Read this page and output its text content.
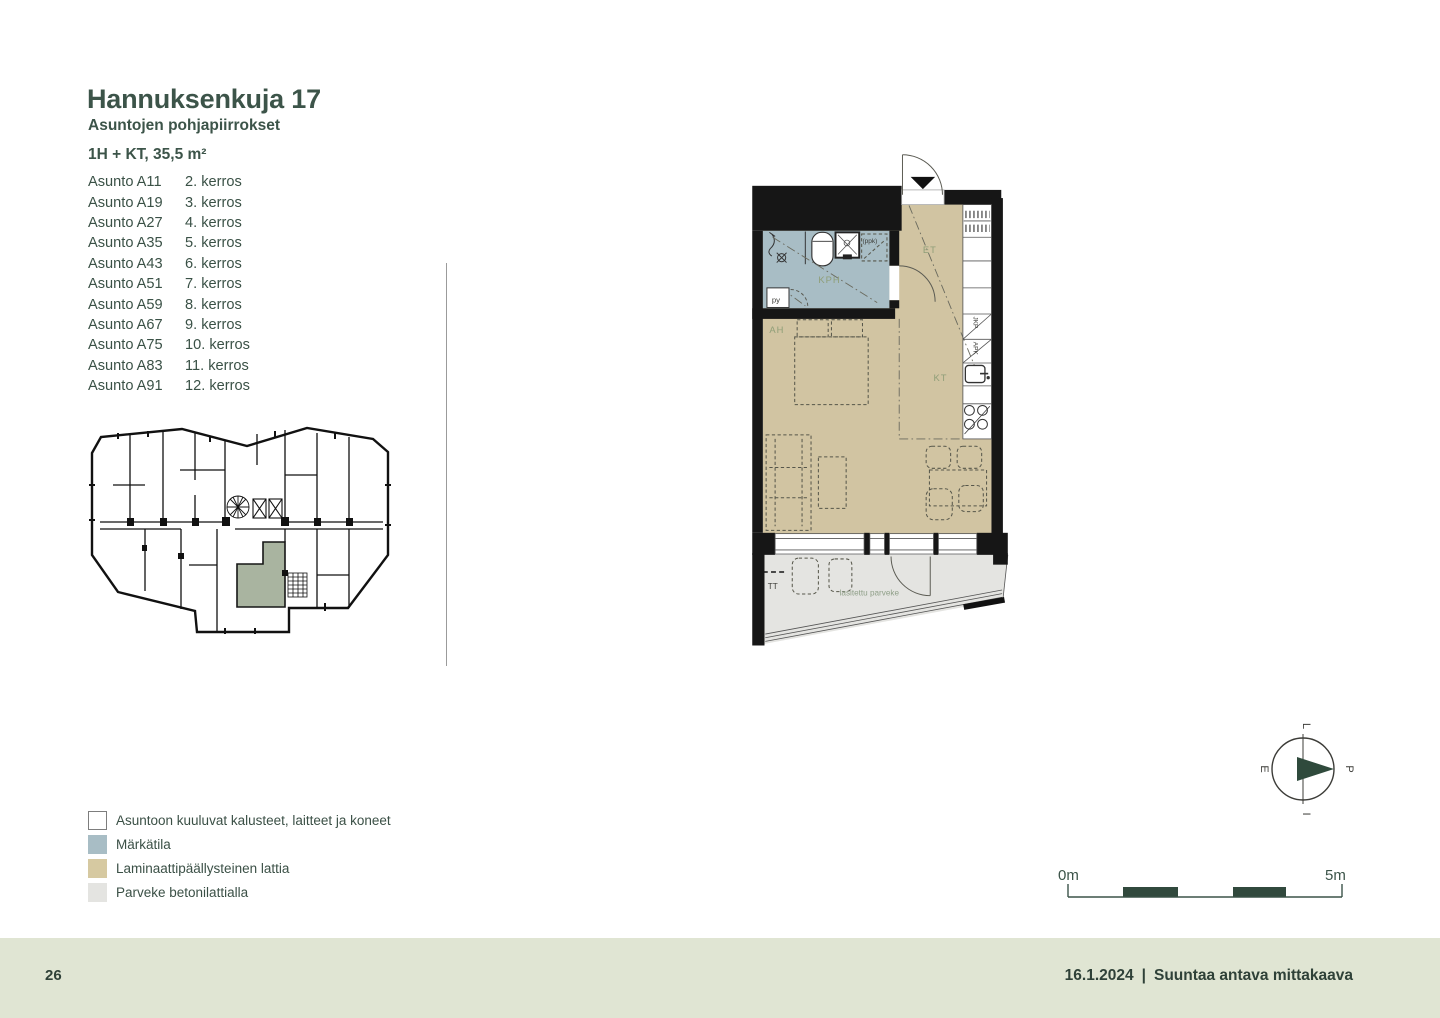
Hannuksenkuja 17
Asuntojen pohjapiirrokset
1H + KT, 35,5 m²
Asunto A11	2. kerros
Asunto A19	3. kerros
Asunto A27	4. kerros
Asunto A35	5. kerros
Asunto A43	6. kerros
Asunto A51	7. kerros
Asunto A59	8. kerros
Asunto A67	9. kerros
Asunto A75	10. kerros
Asunto A83	11. kerros
Asunto A91	12. kerros
KPH
ET
AH
KT
(ppk)
py
TT
lasitettu parveke
JKP
APK
L
P
E
I
0m	5m
Asuntoon kuuluvat kalusteet, laitteet ja koneet
Märkätila
Laminaattipäällysteinen lattia
Parveke betonilattialla
26	16.1.2024 | Suuntaa antava mittakaava
